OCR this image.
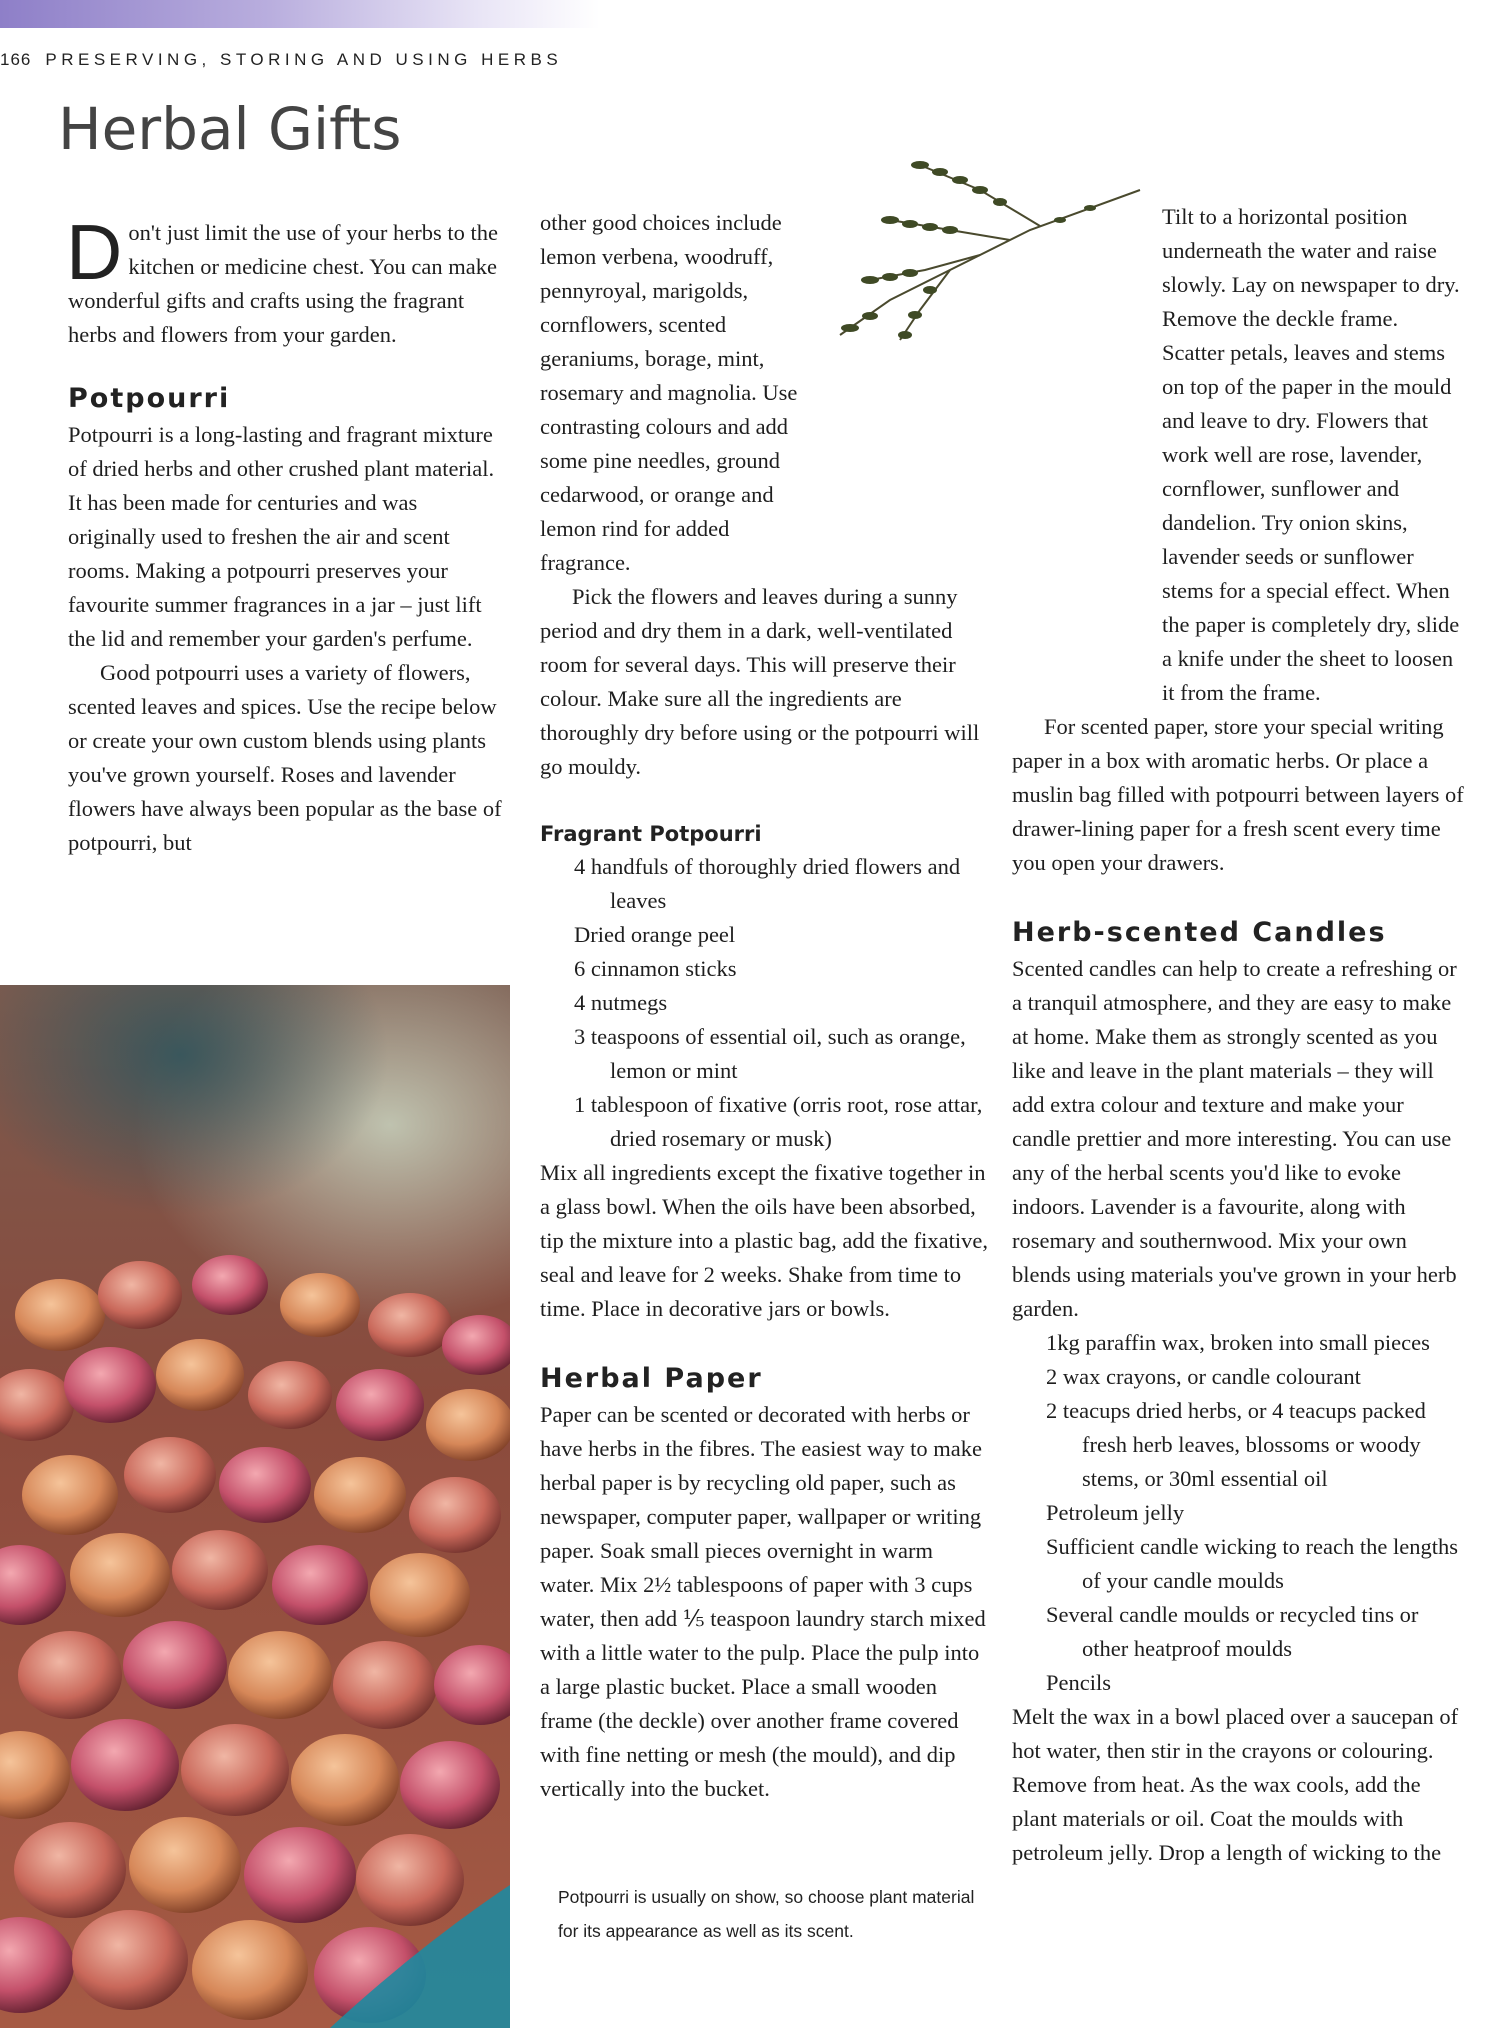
166 PRESERVING, STORING AND USING HERBS
Herbal Gifts

Don't just limit the use of your herbs to the kitchen or medicine chest. You can make wonderful gifts and crafts using the fragrant herbs and flowers from your garden.

Potpourri

Potpourri is a long-lasting and fragrant mixture of dried herbs and other crushed plant material. It has been made for centuries and was originally used to freshen the air and scent rooms. Making a potpourri preserves your favourite summer fragrances in a jar – just lift the lid and remember your garden's perfume.

Good potpourri uses a variety of flowers, scented leaves and spices. Use the recipe below or create your own custom blends using plants you've grown yourself. Roses and lavender flowers have always been popular as the base of potpourri, but

other good choices include lemon verbena, woodruff, pennyroyal, marigolds, cornflowers, scented geraniums, borage, mint, rosemary and magnolia. Use contrasting colours and add some pine needles, ground cedarwood, or orange and lemon rind for added fragrance.

Pick the flowers and leaves during a sunny period and dry them in a dark, well-ventilated room for several days. This will preserve their colour. Make sure all the ingredients are thoroughly dry before using or the potpourri will go mouldy.

Fragrant Potpourri
4 handfuls of thoroughly dried flowers and leaves
Dried orange peel
6 cinnamon sticks
4 nutmegs
3 teaspoons of essential oil, such as orange, lemon or mint
1 tablespoon of fixative (orris root, rose attar, dried rosemary or musk)

Mix all ingredients except the fixative together in a glass bowl. When the oils have been absorbed, tip the mixture into a plastic bag, add the fixative, seal and leave for 2 weeks. Shake from time to time. Place in decorative jars or bowls.

Herbal Paper

Paper can be scented or decorated with herbs or have herbs in the fibres. The easiest way to make herbal paper is by recycling old paper, such as newspaper, computer paper, wallpaper or writing paper. Soak small pieces overnight in warm water. Mix 2½ tablespoons of paper with 3 cups water, then add ⅕ teaspoon laundry starch mixed with a little water to the pulp. Place the pulp into a large plastic bucket. Place a small wooden frame (the deckle) over another frame covered with fine netting or mesh (the mould), and dip vertically into the bucket.

Potpourri is usually on show, so choose plant material for its appearance as well as its scent.

Tilt to a horizontal position underneath the water and raise slowly. Lay on newspaper to dry. Remove the deckle frame. Scatter petals, leaves and stems on top of the paper in the mould and leave to dry. Flowers that work well are rose, lavender, cornflower, sunflower and dandelion. Try onion skins, lavender seeds or sunflower stems for a special effect. When the paper is completely dry, slide a knife under the sheet to loosen it from the frame.

For scented paper, store your special writing paper in a box with aromatic herbs. Or place a muslin bag filled with potpourri between layers of drawer-lining paper for a fresh scent every time you open your drawers.

Herb-scented Candles

Scented candles can help to create a refreshing or a tranquil atmosphere, and they are easy to make at home. Make them as strongly scented as you like and leave in the plant materials – they will add extra colour and texture and make your candle prettier and more interesting. You can use any of the herbal scents you'd like to evoke indoors. Lavender is a favourite, along with rosemary and southernwood. Mix your own blends using materials you've grown in your herb garden.

1kg paraffin wax, broken into small pieces
2 wax crayons, or candle colourant
2 teacups dried herbs, or 4 teacups packed fresh herb leaves, blossoms or woody stems, or 30ml essential oil
Petroleum jelly
Sufficient candle wicking to reach the lengths of your candle moulds
Several candle moulds or recycled tins or other heatproof moulds
Pencils

Melt the wax in a bowl placed over a saucepan of hot water, then stir in the crayons or colouring. Remove from heat. As the wax cools, add the plant materials or oil. Coat the moulds with petroleum jelly. Drop a length of wicking to the
